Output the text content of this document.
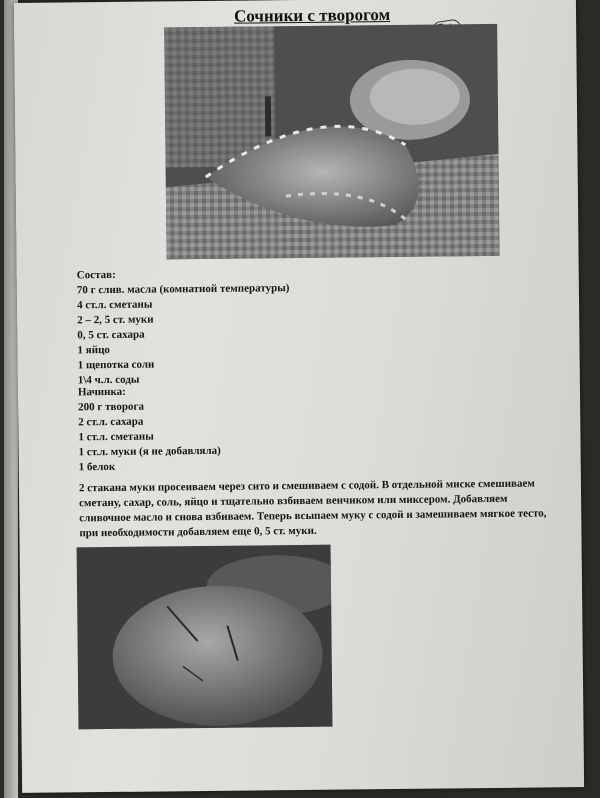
Сочники с творогом
Состав:
70 г слив. масла (комнатной температуры)
4 ст.л. сметаны
2 – 2, 5 ст. муки
0, 5 ст. сахара
1 яйцо
1 щепотка соли
1\4 ч.л. соды
Начинка:
200 г творога
2 ст.л. сахара
1 ст.л. сметаны
1 ст.л. муки (я не добавляла)
1 белок
2 стакана муки просеиваем через сито и смешиваем с содой. В отдельной миске смешиваем сметану, сахар, соль, яйцо и тщательно взбиваем венчиком или миксером. Добавляем сливочное масло и снова взбиваем. Теперь всыпаем муку с содой и замешиваем мягкое тесто, при необходимости добавляем еще 0, 5 ст. муки.
